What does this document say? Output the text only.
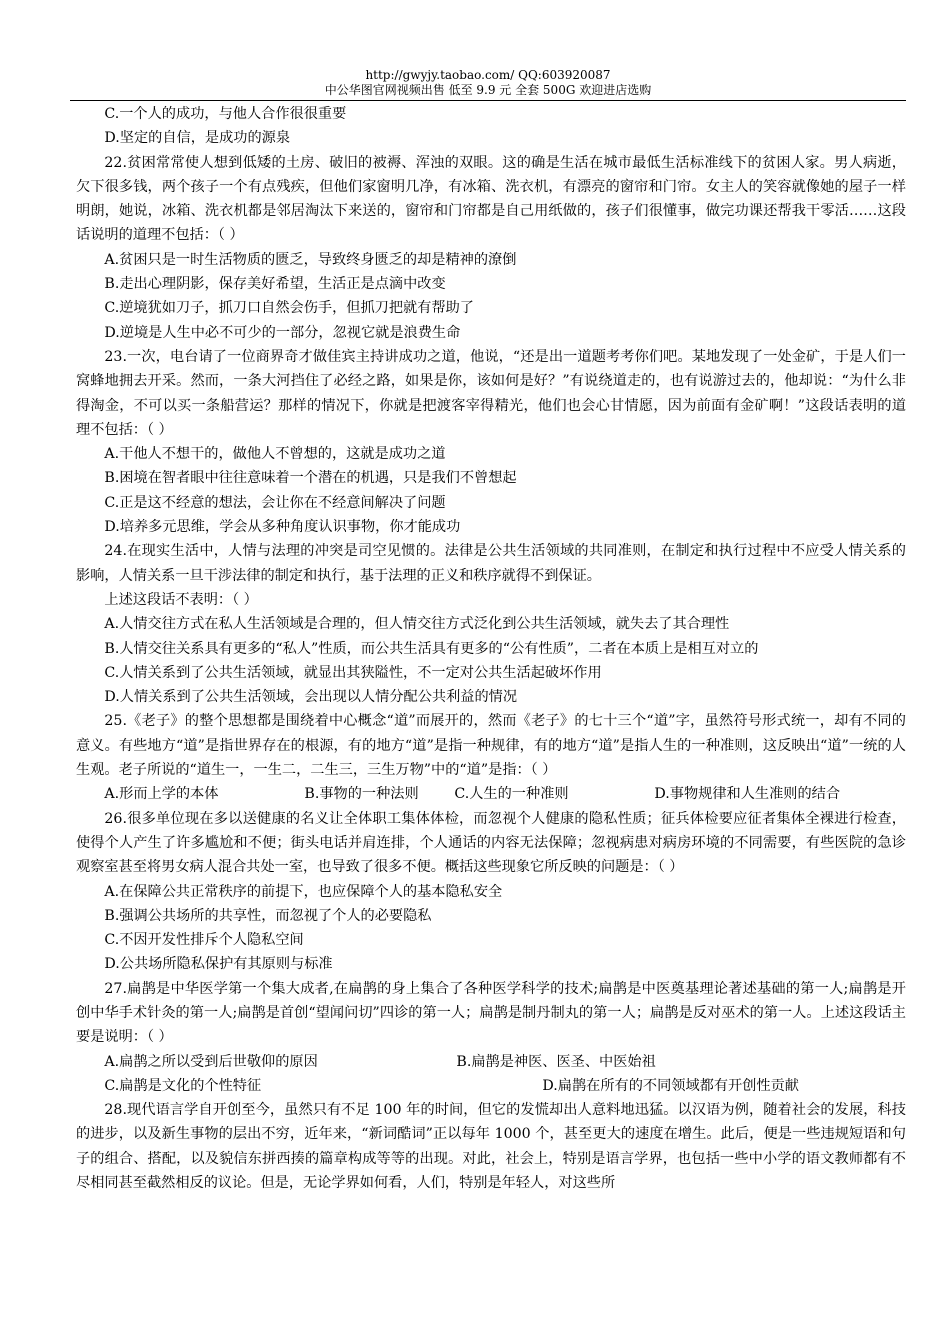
http://gwyjy.taobao.com/ QQ:603920087
中公华图官网视频出售 低至 9.9 元 全套 500G 欢迎进店选购

C.一个人的成功，与他人合作很很重要

D.坚定的自信，是成功的源泉

22.贫困常常使人想到低矮的土房、破旧的被褥、浑浊的双眼。这的确是生活在城市最低生活标准线下的贫困人家。男人病逝，欠下很多钱，两个孩子一个有点残疾，但他们家窗明几净，有冰箱、洗衣机，有漂亮的窗帘和门帘。女主人的笑容就像她的屋子一样明朗，她说，冰箱、洗衣机都是邻居淘汰下来送的，窗帘和门帘都是自己用纸做的，孩子们很懂事，做完功课还帮我干零活……这段话说明的道理不包括：（ ）

A.贫困只是一时生活物质的匮乏，导致终身匮乏的却是精神的潦倒

B.走出心理阴影，保存美好希望，生活正是点滴中改变

C.逆境犹如刀子，抓刀口自然会伤手，但抓刀把就有帮助了

D.逆境是人生中必不可少的一部分，忽视它就是浪费生命

23.一次，电台请了一位商界奇才做佳宾主持讲成功之道，他说，“还是出一道题考考你们吧。某地发现了一处金矿，于是人们一窝蜂地拥去开采。然而，一条大河挡住了必经之路，如果是你，该如何是好？”有说绕道走的，也有说游过去的，他却说：“为什么非得淘金，不可以买一条船营运？那样的情况下，你就是把渡客宰得精光，他们也会心甘情愿，因为前面有金矿啊！”这段话表明的道理不包括：（ ）

A.干他人不想干的，做他人不曾想的，这就是成功之道

B.困境在智者眼中往往意味着一个潜在的机遇，只是我们不曾想起

C.正是这不经意的想法，会让你在不经意间解决了问题

D.培养多元思维，学会从多种角度认识事物，你才能成功

24.在现实生活中，人情与法理的冲突是司空见惯的。法律是公共生活领域的共同准则，在制定和执行过程中不应受人情关系的影响，人情关系一旦干涉法律的制定和执行，基于法理的正义和秩序就得不到保证。

上述这段话不表明：（ ）

A.人情交往方式在私人生活领域是合理的，但人情交往方式泛化到公共生活领域，就失去了其合理性

B.人情交往关系具有更多的“私人”性质，而公共生活具有更多的“公有性质”，二者在本质上是相互对立的

C.人情关系到了公共生活领域，就显出其狭隘性，不一定对公共生活起破坏作用

D.人情关系到了公共生活领域，会出现以人情分配公共利益的情况

25.《老子》的整个思想都是围绕着中心概念“道”而展开的，然而《老子》的七十三个“道”字，虽然符号形式统一，却有不同的意义。有些地方“道”是指世界存在的根源，有的地方“道”是指一种规律，有的地方“道”是指人生的一种准则，这反映出“道”一统的人生观。老子所说的“道生一，一生二，二生三，三生万物”中的“道”是指：（ ）

A.形而上学的本体	B.事物的一种法则	C.人生的一种准则	D.事物规律和人生准则的结合

26.很多单位现在多以送健康的名义让全体职工集体体检，而忽视个人健康的隐私性质；征兵体检要应征者集体全裸进行检查，使得个人产生了许多尴尬和不便；街头电话并肩连排，个人通话的内容无法保障；忽视病患对病房环境的不同需要，有些医院的急诊观察室甚至将男女病人混合共处一室，也导致了很多不便。概括这些现象它所反映的问题是：（ ）

A.在保障公共正常秩序的前提下，也应保障个人的基本隐私安全

B.强调公共场所的共享性，而忽视了个人的必要隐私

C.不因开发性排斥个人隐私空间

D.公共场所隐私保护有其原则与标准

27.扁鹊是中华医学第一个集大成者,在扁鹊的身上集合了各种医学科学的技术;扁鹊是中医奠基理论著述基础的第一人;扁鹊是开创中华手术针灸的第一人;扁鹊是首创“望闻问切”四诊的第一人；扁鹊是制丹制丸的第一人；扁鹊是反对巫术的第一人。上述这段话主要是说明：（ ）

A.扁鹊之所以受到后世敬仰的原因	B.扁鹊是神医、医圣、中医始祖
C.扁鹊是文化的个性特征	D.扁鹊在所有的不同领域都有开创性贡献

28.现代语言学自开创至今，虽然只有不足 100 年的时间，但它的发慌却出人意料地迅猛。以汉语为例，随着社会的发展，科技的进步，以及新生事物的层出不穷，近年来，“新词酷词”正以每年 1000 个，甚至更大的速度在增生。此后，便是一些违规短语和句子的组合、搭配，以及貌信东拼西揍的篇章构成等等的出现。对此，社会上，特别是语言学界，也包括一些中小学的语文教师都有不尽相同甚至截然相反的议论。但是，无论学界如何看，人们，特别是年轻人，对这些所
